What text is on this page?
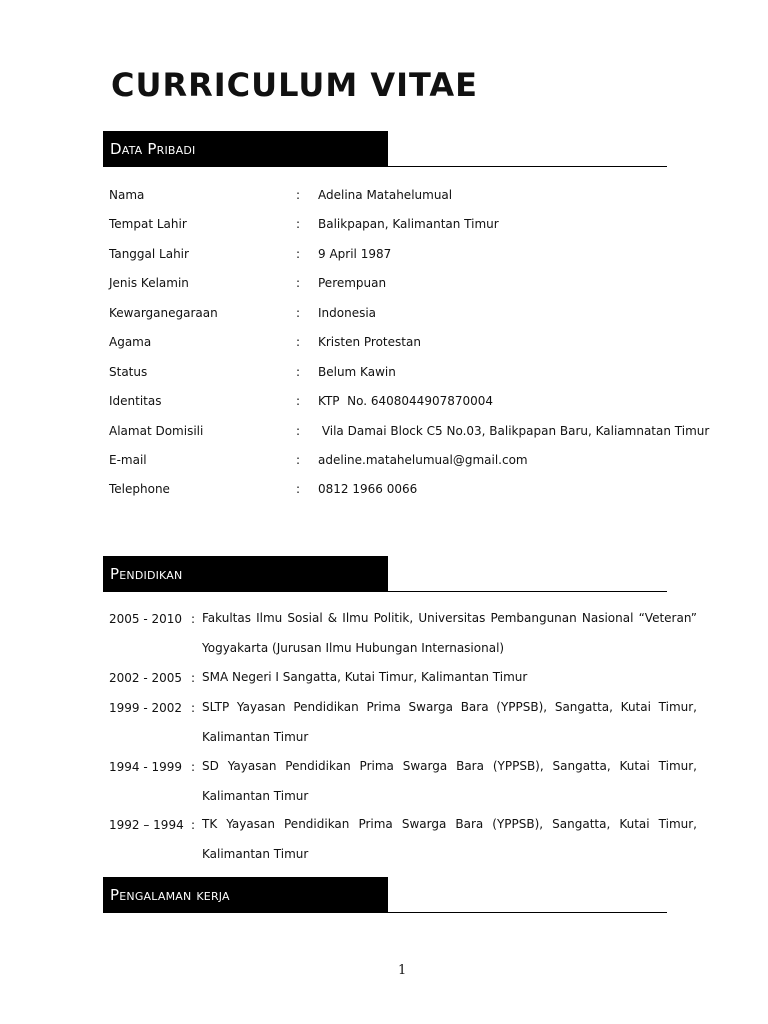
CURRICULUM VITAE
Data Pribadi
Nama	: Adelina Matahelumual
Tempat Lahir	: Balikpapan, Kalimantan Timur
Tanggal Lahir	: 9 April 1987
Jenis Kelamin	: Perempuan
Kewarganegaraan	: Indonesia
Agama	: Kristen Protestan
Status	: Belum Kawin
Identitas	: KTP  No. 6408044907870004
Alamat Domisili	: Vila Damai Block C5 No.03, Balikpapan Baru, Kaliamnatan Timur
E-mail	: adeline.matahelumual@gmail.com
Telephone	: 0812 1966 0066
Pendidikan
2005 - 2010 : Fakultas Ilmu Sosial & Ilmu Politik, Universitas Pembangunan Nasional “Veteran” Yogyakarta (Jurusan Ilmu Hubungan Internasional)
2002 - 2005 : SMA Negeri I Sangatta, Kutai Timur, Kalimantan Timur
1999 - 2002 : SLTP Yayasan Pendidikan Prima Swarga Bara (YPPSB), Sangatta, Kutai Timur, Kalimantan Timur
1994 - 1999 : SD Yayasan Pendidikan Prima Swarga Bara (YPPSB), Sangatta, Kutai Timur, Kalimantan Timur
1992 – 1994 : TK Yayasan Pendidikan Prima Swarga Bara (YPPSB), Sangatta, Kutai Timur, Kalimantan Timur
Pengalaman kerja
1
